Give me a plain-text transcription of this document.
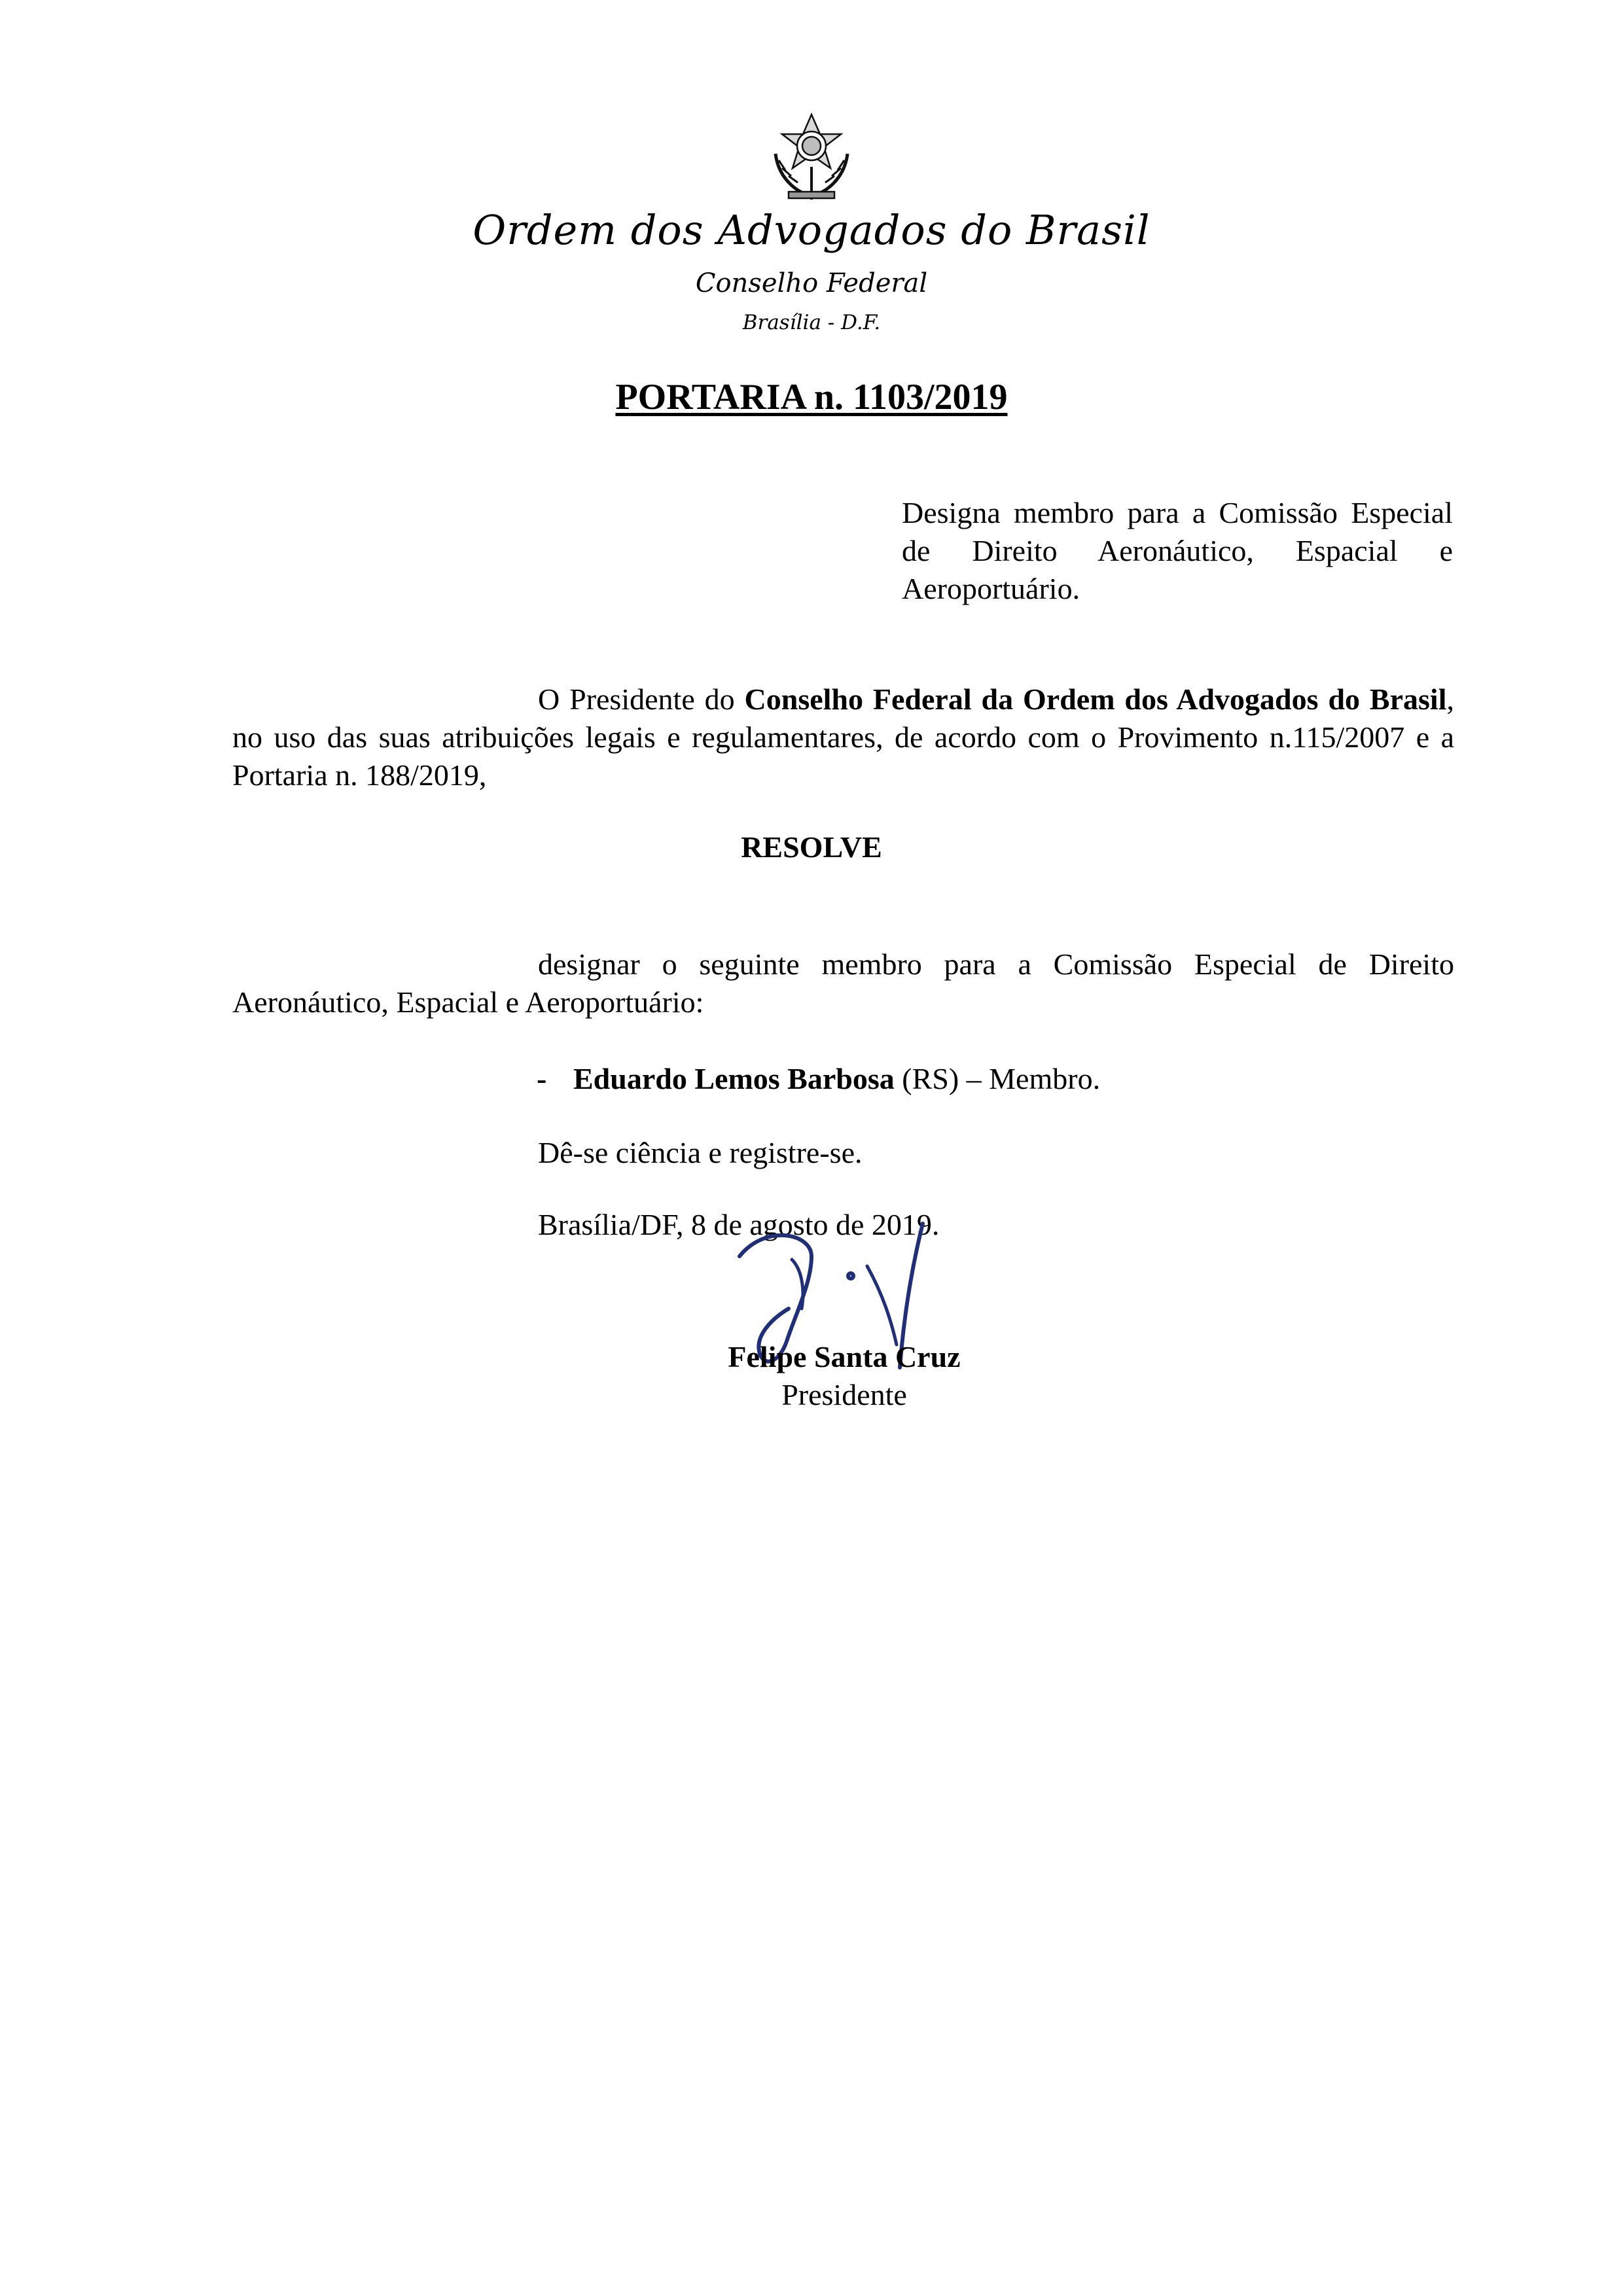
Ordem dos Advogados do Brasil
Conselho Federal
Brasília - D.F.
PORTARIA n. 1103/2019
Designa membro para a Comissão Especial de Direito Aeronáutico, Espacial e Aeroportuário.
O Presidente do Conselho Federal da Ordem dos Advogados do Brasil, no uso das suas atribuições legais e regulamentares, de acordo com o Provimento n.115/2007 e a Portaria n. 188/2019,
RESOLVE
designar o seguinte membro para a Comissão Especial de Direito Aeronáutico, Espacial e Aeroportuário:
- Eduardo Lemos Barbosa (RS) – Membro.
Dê-se ciência e registre-se.
Brasília/DF, 8 de agosto de 2019.
Felipe Santa Cruz
Presidente
